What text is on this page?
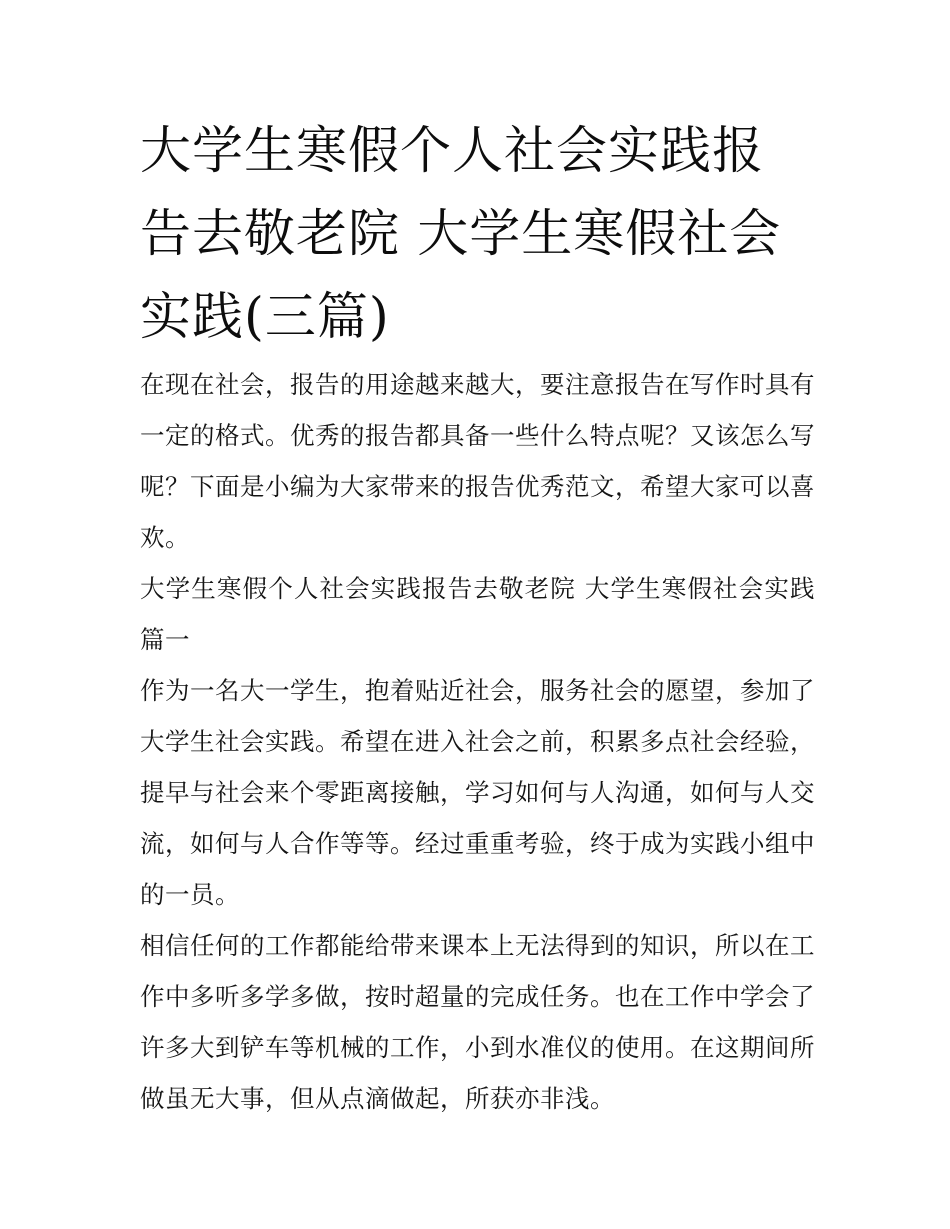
大学生寒假个人社会实践报告去敬老院 大学生寒假社会实践(三篇)

在现在社会，报告的用途越来越大，要注意报告在写作时具有一定的格式。优秀的报告都具备一些什么特点呢？又该怎么写呢？下面是小编为大家带来的报告优秀范文，希望大家可以喜欢。

大学生寒假个人社会实践报告去敬老院 大学生寒假社会实践篇一

作为一名大一学生，抱着贴近社会，服务社会的愿望，参加了大学生社会实践。希望在进入社会之前，积累多点社会经验，提早与社会来个零距离接触，学习如何与人沟通，如何与人交流，如何与人合作等等。经过重重考验，终于成为实践小组中的一员。

相信任何的工作都能给带来课本上无法得到的知识，所以在工作中多听多学多做，按时超量的完成任务。也在工作中学会了许多大到铲车等机械的工作，小到水准仪的使用。在这期间所做虽无大事，但从点滴做起，所获亦非浅。
